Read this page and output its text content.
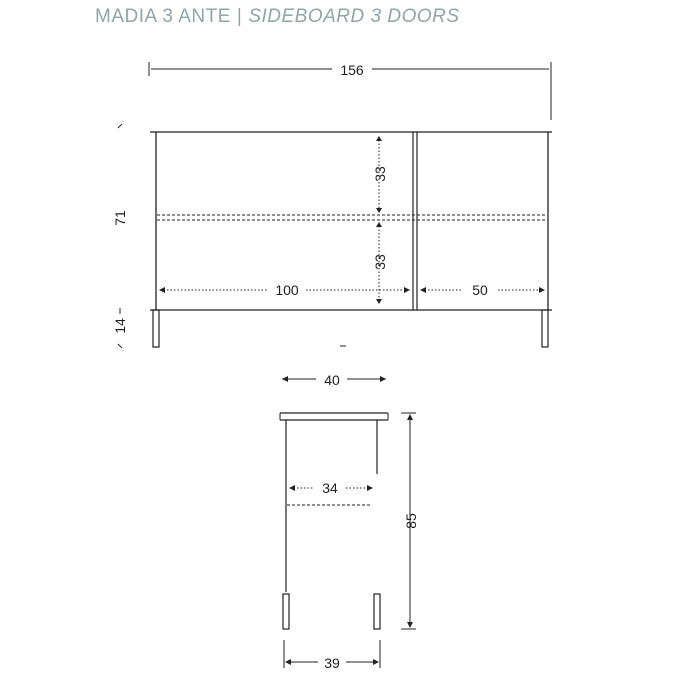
MADIA 3 ANTE | SIDEBOARD 3 DOORS
156
71
14
33
33
100	50
40
34
85
39
